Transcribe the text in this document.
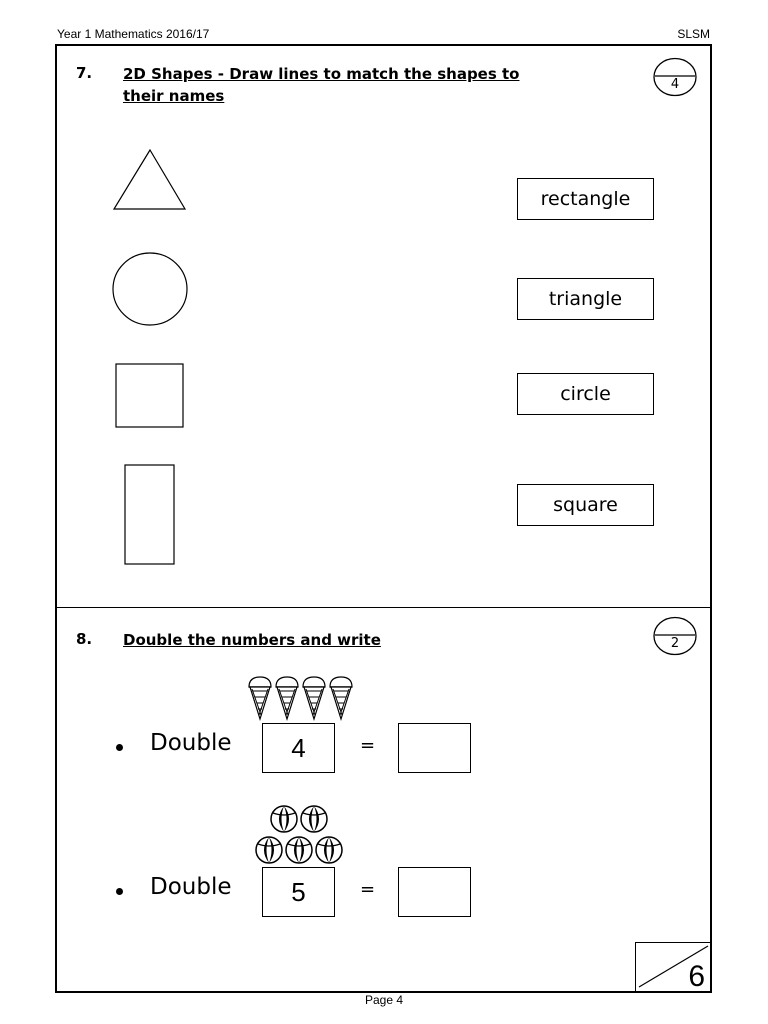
Year 1 Mathematics 2016/17	SLSM
7. 2D Shapes - Draw lines to match the shapes to
their names
4
rectangle
triangle
circle
square
8. Double the numbers and write	2
Double	4	=
Double	5	=
6
Page 4
